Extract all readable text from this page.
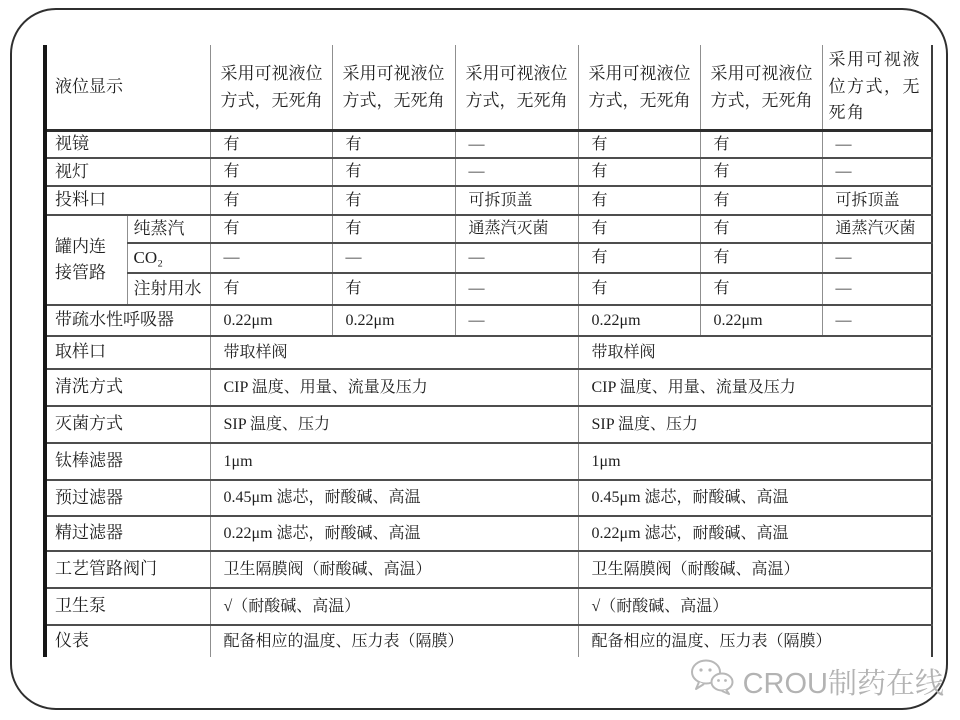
液位显示		采用可视液位方式，无死角	采用可视液位方式，无死角	采用可视液位方式，无死角	采用可视液位方式，无死角	采用可视液位方式，无死角	采用可视液位方式，无死角
视镜		有	有	—	有	有	—
视灯		有	有	—	有	有	—
投料口		有	有	可拆顶盖	有	有	可拆顶盖
罐内连接管路	纯蒸汽	有	有	通蒸汽灭菌	有	有	通蒸汽灭菌
	CO₂	—	—	—	有	有	—
	注射用水	有	有	—	有	有	—
带疏水性呼吸器		0.22μm	0.22μm	—	0.22μm	0.22μm	—
取样口		带取样阀			带取样阀		
清洗方式		CIP 温度、用量、流量及压力			CIP 温度、用量、流量及压力		
灭菌方式		SIP 温度、压力			SIP 温度、压力		
钛棒滤器		1μm			1μm		
预过滤器		0.45μm 滤芯，耐酸碱、高温			0.45μm 滤芯，耐酸碱、高温		
精过滤器		0.22μm 滤芯，耐酸碱、高温			0.22μm 滤芯，耐酸碱、高温		
工艺管路阀门		卫生隔膜阀（耐酸碱、高温）			卫生隔膜阀（耐酸碱、高温）		
卫生泵		√（耐酸碱、高温）			√（耐酸碱、高温）		
仪表		配备相应的温度、压力表（隔膜）			配备相应的温度、压力表（隔膜）		
CROU制药在线
